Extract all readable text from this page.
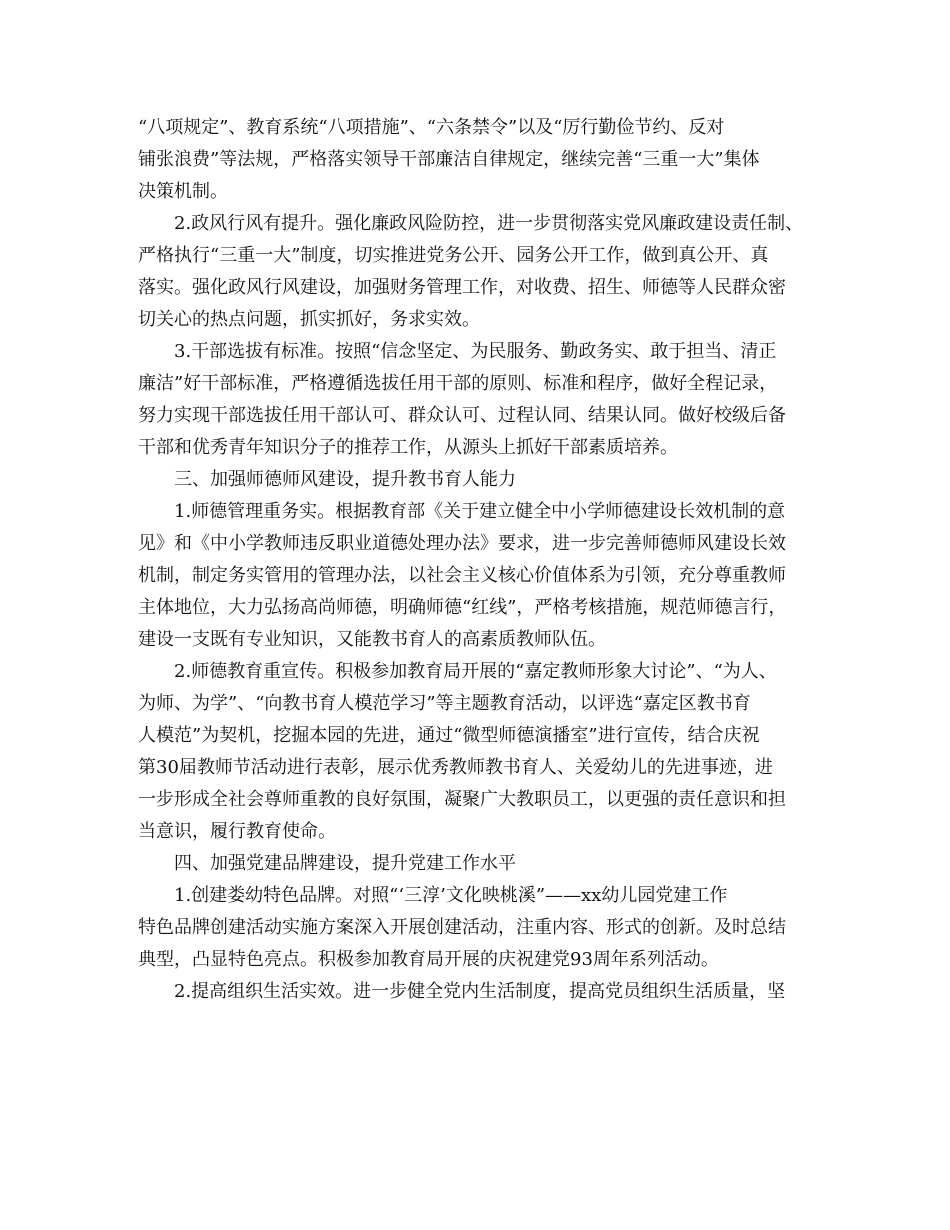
“八项规定”、教育系统“八项措施”、“六条禁令”以及“厉行勤俭节约、反对
铺张浪费”等法规，严格落实领导干部廉洁自律规定，继续完善“三重一大”集体
决策机制。
2.政风行风有提升。强化廉政风险防控，进一步贯彻落实党风廉政建设责任制、
严格执行“三重一大”制度，切实推进党务公开、园务公开工作，做到真公开、真
落实。强化政风行风建设，加强财务管理工作，对收费、招生、师德等人民群众密
切关心的热点问题，抓实抓好，务求实效。
3.干部选拔有标准。按照“信念坚定、为民服务、勤政务实、敢于担当、清正
廉洁”好干部标准，严格遵循选拔任用干部的原则、标准和程序，做好全程记录，
努力实现干部选拔任用干部认可、群众认可、过程认同、结果认同。做好校级后备
干部和优秀青年知识分子的推荐工作，从源头上抓好干部素质培养。
三、加强师德师风建设，提升教书育人能力
1.师德管理重务实。根据教育部《关于建立健全中小学师德建设长效机制的意
见》和《中小学教师违反职业道德处理办法》要求，进一步完善师德师风建设长效
机制，制定务实管用的管理办法，以社会主义核心价值体系为引领，充分尊重教师
主体地位，大力弘扬高尚师德，明确师德“红线”，严格考核措施，规范师德言行，
建设一支既有专业知识，又能教书育人的高素质教师队伍。
2.师德教育重宣传。积极参加教育局开展的“嘉定教师形象大讨论”、“为人、
为师、为学”、“向教书育人模范学习”等主题教育活动，以评选“嘉定区教书育
人模范”为契机，挖掘本园的先进，通过“微型师德演播室”进行宣传，结合庆祝
第30届教师节活动进行表彰，展示优秀教师教书育人、关爱幼儿的先进事迹，进
一步形成全社会尊师重教的良好氛围，凝聚广大教职员工，以更强的责任意识和担
当意识，履行教育使命。
四、加强党建品牌建设，提升党建工作水平
1.创建娄幼特色品牌。对照“‘三淳’文化映桃溪”——xx幼儿园党建工作
特色品牌创建活动实施方案深入开展创建活动，注重内容、形式的创新。及时总结
典型，凸显特色亮点。积极参加教育局开展的庆祝建党93周年系列活动。
2.提高组织生活实效。进一步健全党内生活制度，提高党员组织生活质量，坚
